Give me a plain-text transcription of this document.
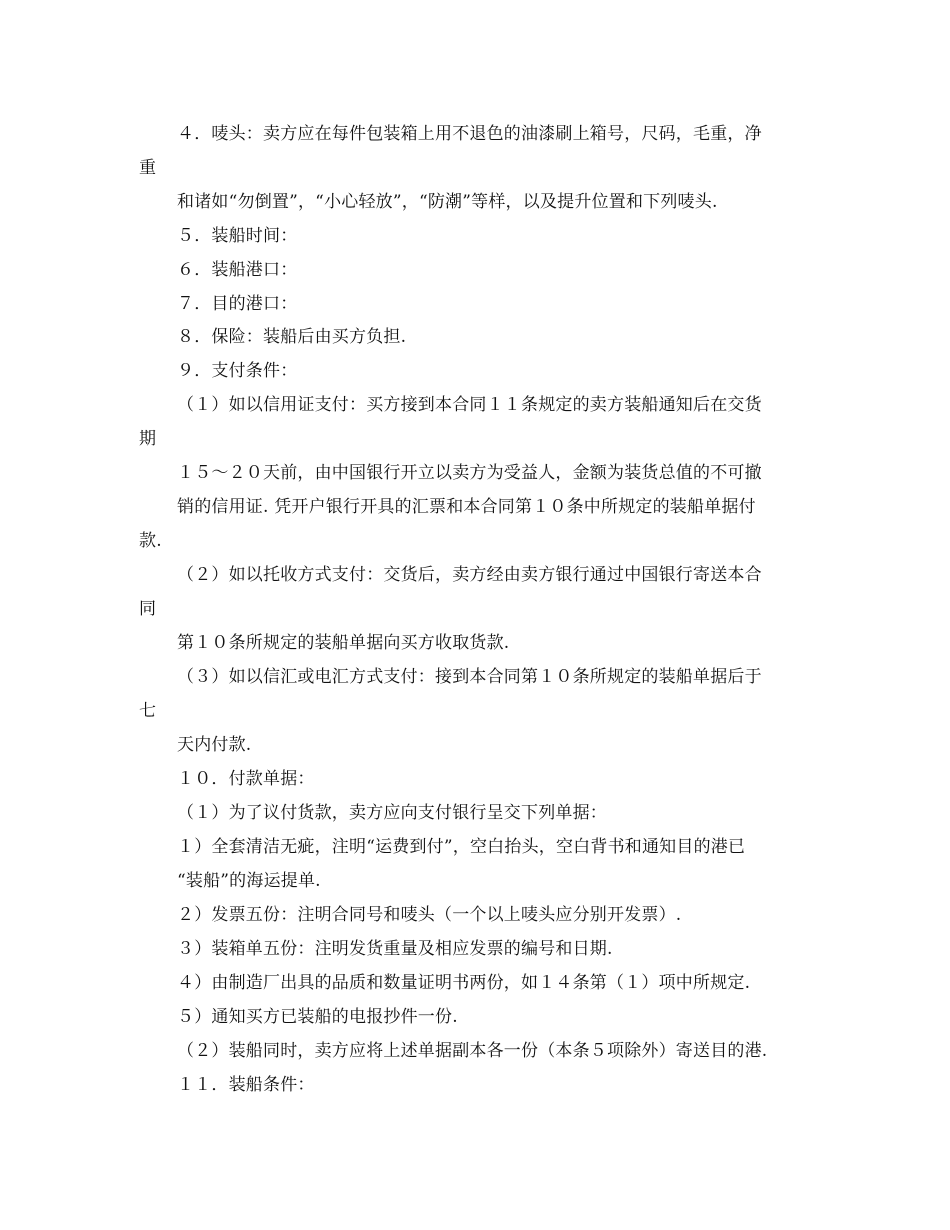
４．唛头：卖方应在每件包装箱上用不退色的油漆刷上箱号，尺码，毛重，净
重
和诸如“勿倒置”，“小心轻放”，“防潮”等样，以及提升位置和下列唛头.
５．装船时间：
６．装船港口：
７．目的港口：
８．保险：装船后由买方负担.
９．支付条件：
（１）如以信用证支付：买方接到本合同１１条规定的卖方装船通知后在交货
期
１５～２０天前，由中国银行开立以卖方为受益人，金额为装货总值的不可撤
销的信用证. 凭开户银行开具的汇票和本合同第１０条中所规定的装船单据付
款.
（２）如以托收方式支付：交货后，卖方经由卖方银行通过中国银行寄送本合
同
第１０条所规定的装船单据向买方收取货款.
（３）如以信汇或电汇方式支付：接到本合同第１０条所规定的装船单据后于
七
天内付款.
１０．付款单据：
（１）为了议付货款，卖方应向支付银行呈交下列单据：
１）全套清洁无疵，注明“运费到付”，空白抬头，空白背书和通知目的港已
“装船”的海运提单.
２）发票五份：注明合同号和唛头（一个以上唛头应分别开发票）.
３）装箱单五份：注明发货重量及相应发票的编号和日期.
４）由制造厂出具的品质和数量证明书两份，如１４条第（１）项中所规定.
５）通知买方已装船的电报抄件一份.
（２）装船同时，卖方应将上述单据副本各一份（本条５项除外）寄送目的港.
１１．装船条件：
